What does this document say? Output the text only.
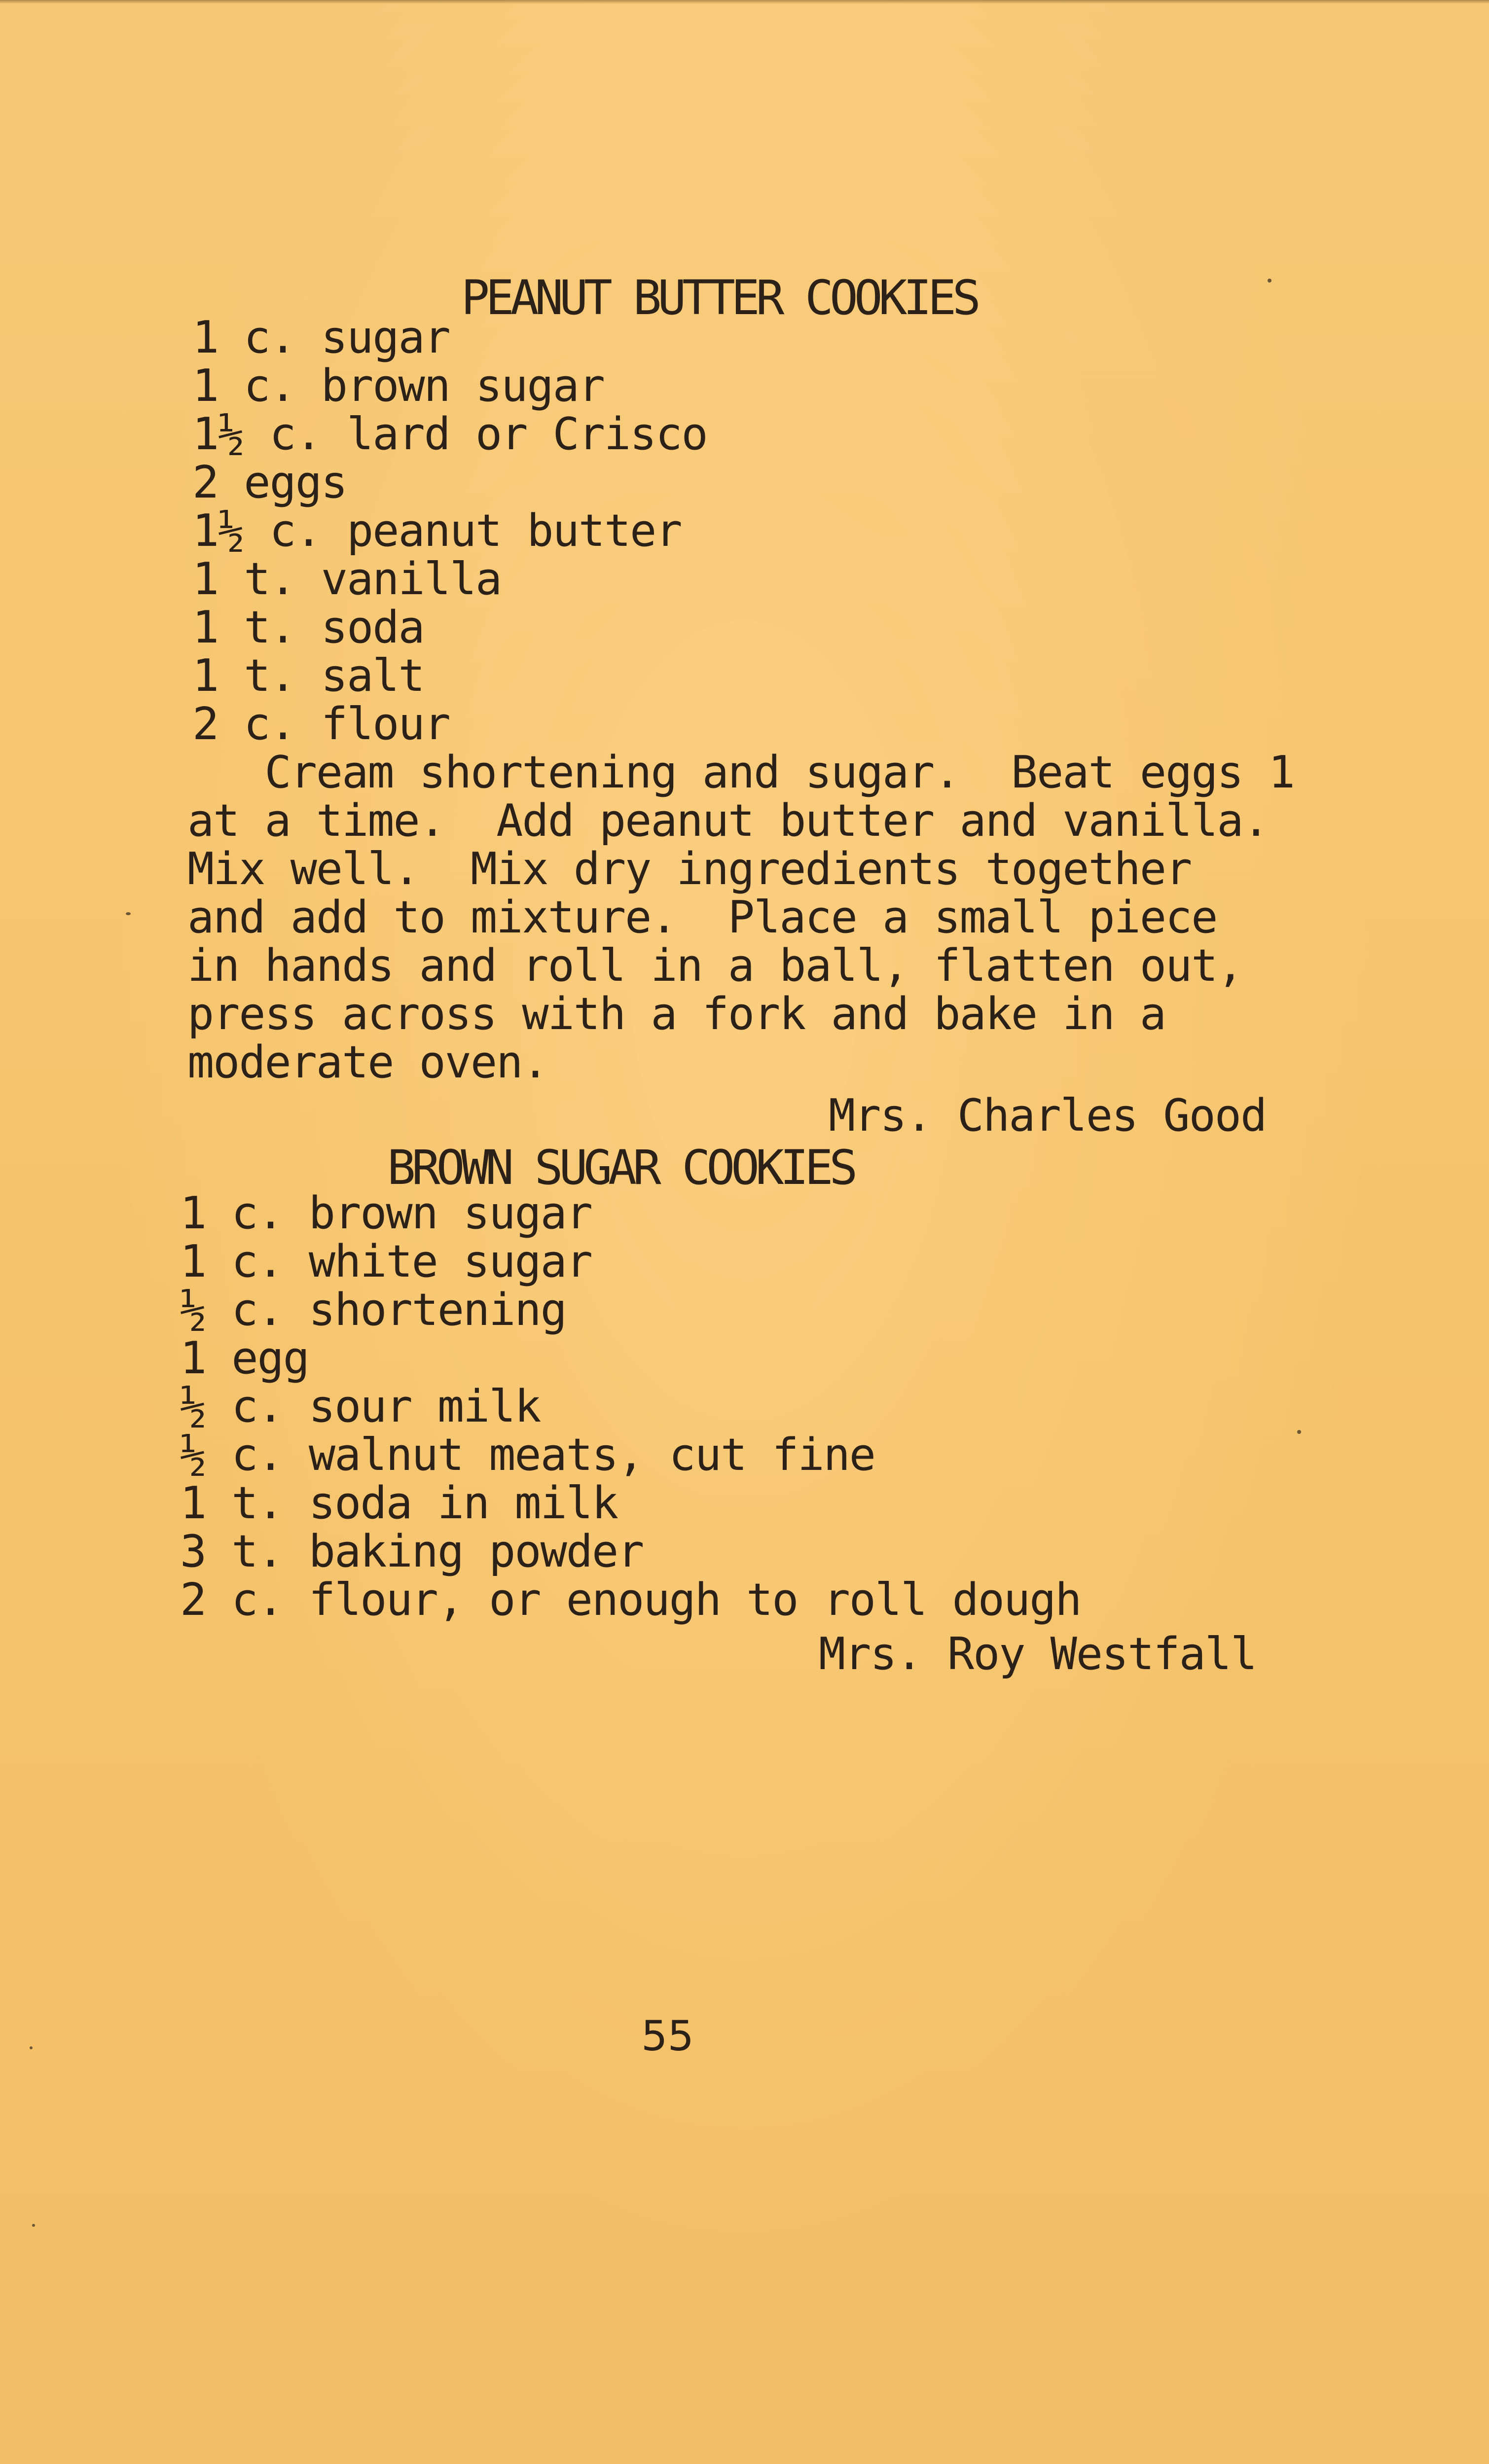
PEANUT BUTTER COOKIES
1 c. sugar
1 c. brown sugar
1½ c. lard or Crisco
2 eggs
1½ c. peanut butter
1 t. vanilla
1 t. soda
1 t. salt
2 c. flour
Cream shortening and sugar.  Beat eggs 1
at a time.  Add peanut butter and vanilla.
Mix well.  Mix dry ingredients together
and add to mixture.  Place a small piece
in hands and roll in a ball, flatten out,
press across with a fork and bake in a
moderate oven.
Mrs. Charles Good
BROWN SUGAR COOKIES
1 c. brown sugar
1 c. white sugar
½ c. shortening
1 egg
½ c. sour milk
½ c. walnut meats, cut fine
1 t. soda in milk
3 t. baking powder
2 c. flour, or enough to roll dough
Mrs. Roy Westfall
55
